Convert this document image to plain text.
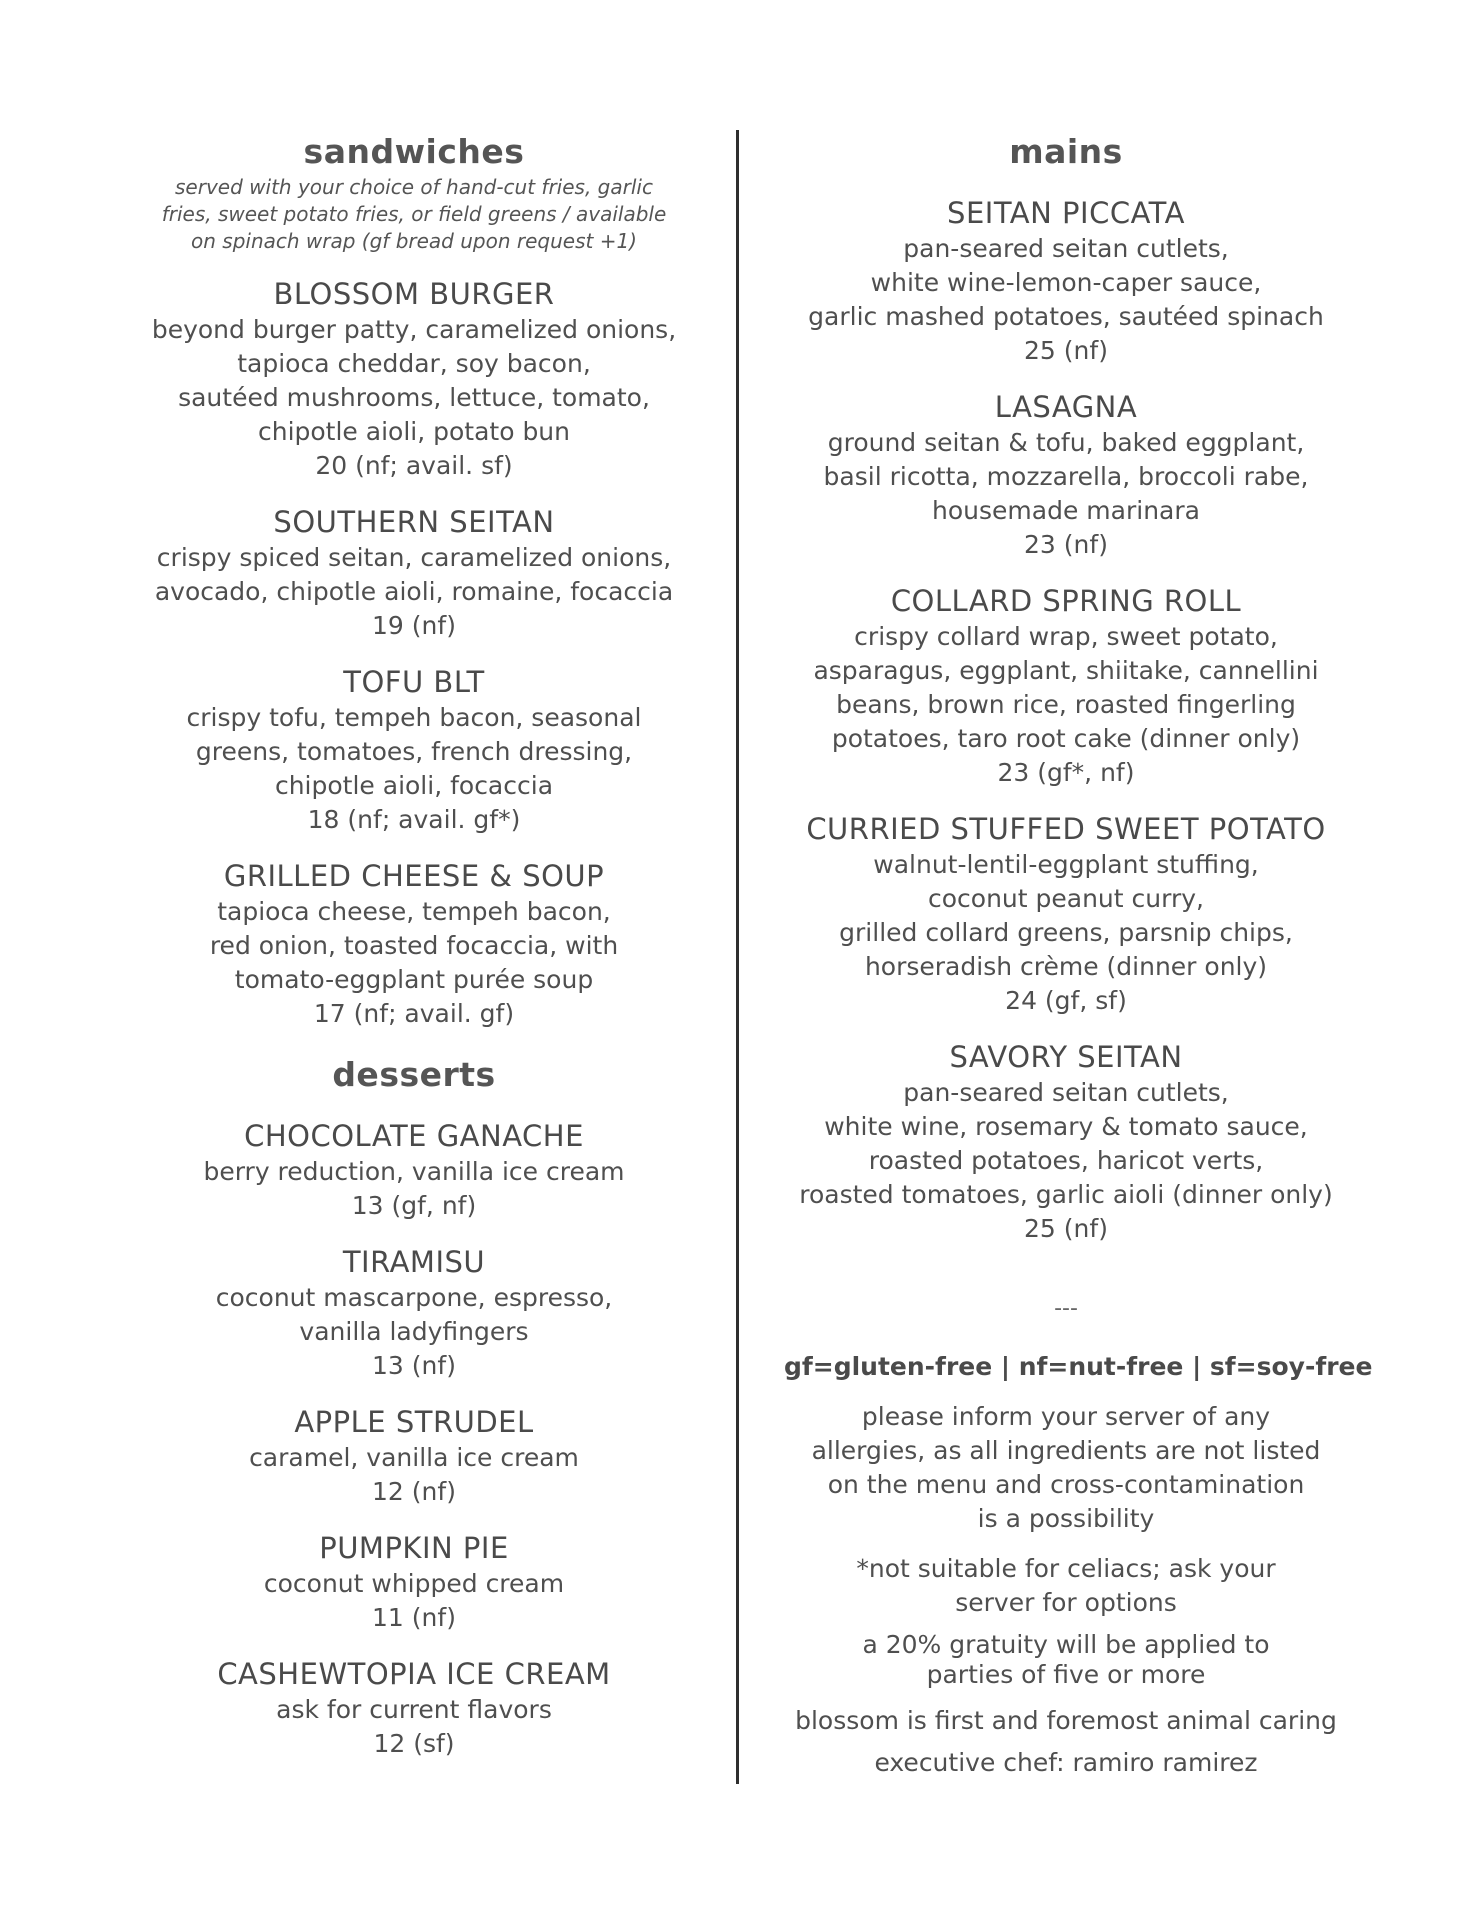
sandwiches
served with your choice of hand-cut fries, garlic
fries, sweet potato fries, or field greens / available
on spinach wrap (gf bread upon request +1)
BLOSSOM BURGER
beyond burger patty, caramelized onions,
tapioca cheddar, soy bacon,
sautéed mushrooms, lettuce, tomato,
chipotle aioli, potato bun
20 (nf; avail. sf)
SOUTHERN SEITAN
crispy spiced seitan, caramelized onions,
avocado, chipotle aioli, romaine, focaccia
19 (nf)
TOFU BLT
crispy tofu, tempeh bacon, seasonal
greens, tomatoes, french dressing,
chipotle aioli, focaccia
18 (nf; avail. gf*)
GRILLED CHEESE & SOUP
tapioca cheese, tempeh bacon,
red onion, toasted focaccia, with
tomato-eggplant purée soup
17 (nf; avail. gf)
desserts
CHOCOLATE GANACHE
berry reduction, vanilla ice cream
13 (gf, nf)
TIRAMISU
coconut mascarpone, espresso,
vanilla ladyfingers
13 (nf)
APPLE STRUDEL
caramel, vanilla ice cream
12 (nf)
PUMPKIN PIE
coconut whipped cream
11 (nf)
CASHEWTOPIA ICE CREAM
ask for current flavors
12 (sf)
mains
SEITAN PICCATA
pan-seared seitan cutlets,
white wine-lemon-caper sauce,
garlic mashed potatoes, sautéed spinach
25 (nf)
LASAGNA
ground seitan & tofu, baked eggplant,
basil ricotta, mozzarella, broccoli rabe,
housemade marinara
23 (nf)
COLLARD SPRING ROLL
crispy collard wrap, sweet potato,
asparagus, eggplant, shiitake, cannellini
beans, brown rice, roasted fingerling
potatoes, taro root cake (dinner only)
23 (gf*, nf)
CURRIED STUFFED SWEET POTATO
walnut-lentil-eggplant stuffing,
coconut peanut curry,
grilled collard greens, parsnip chips,
horseradish crème (dinner only)
24 (gf, sf)
SAVORY SEITAN
pan-seared seitan cutlets,
white wine, rosemary & tomato sauce,
roasted potatoes, haricot verts,
roasted tomatoes, garlic aioli (dinner only)
25 (nf)
---
gf=gluten-free | nf=nut-free | sf=soy-free
please inform your server of any
allergies, as all ingredients are not listed
on the menu and cross-contamination
is a possibility
*not suitable for celiacs; ask your
server for options
a 20% gratuity will be applied to
parties of five or more
blossom is first and foremost animal caring
executive chef: ramiro ramirez
